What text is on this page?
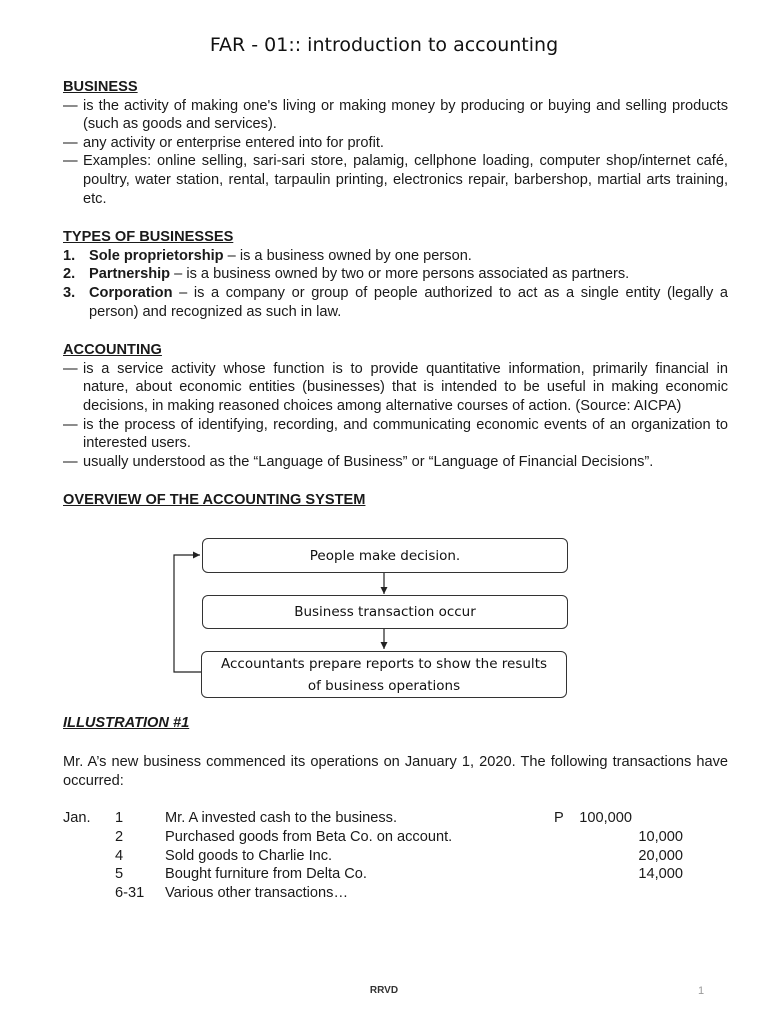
FAR - 01:: introduction to accounting

BUSINESS

— is the activity of making one's living or making money by producing or buying and selling products (such as goods and services).
— any activity or enterprise entered into for profit.
— Examples: online selling, sari-sari store, palamig, cellphone loading, computer shop/internet café, poultry, water station, rental, tarpaulin printing, electronics repair, barbershop, martial arts training, etc.

TYPES OF BUSINESSES

1. Sole proprietorship – is a business owned by one person.
2. Partnership – is a business owned by two or more persons associated as partners.
3. Corporation – is a company or group of people authorized to act as a single entity (legally a person) and recognized as such in law.

ACCOUNTING

— is a service activity whose function is to provide quantitative information, primarily financial in nature, about economic entities (businesses) that is intended to be useful in making economic decisions, in making reasoned choices among alternative courses of action. (Source: AICPA)
— is the process of identifying, recording, and communicating economic events of an organization to interested users.
— usually understood as the “Language of Business” or “Language of Financial Decisions”.

OVERVIEW OF THE ACCOUNTING SYSTEM

People make decision.
Business transaction occur
Accountants prepare reports to show the results
of business operations
ILLUSTRATION #1
Mr. A’s new business commenced its operations on January 1, 2020. The following transactions have occurred:
Jan. 1	Mr. A invested cash to the business.	P 100,000
2	Purchased goods from Beta Co. on account.	10,000
4	Sold goods to Charlie Inc.	20,000
5	Bought furniture from Delta Co.	14,000
6-31 Various other transactions…
RRVD	1
